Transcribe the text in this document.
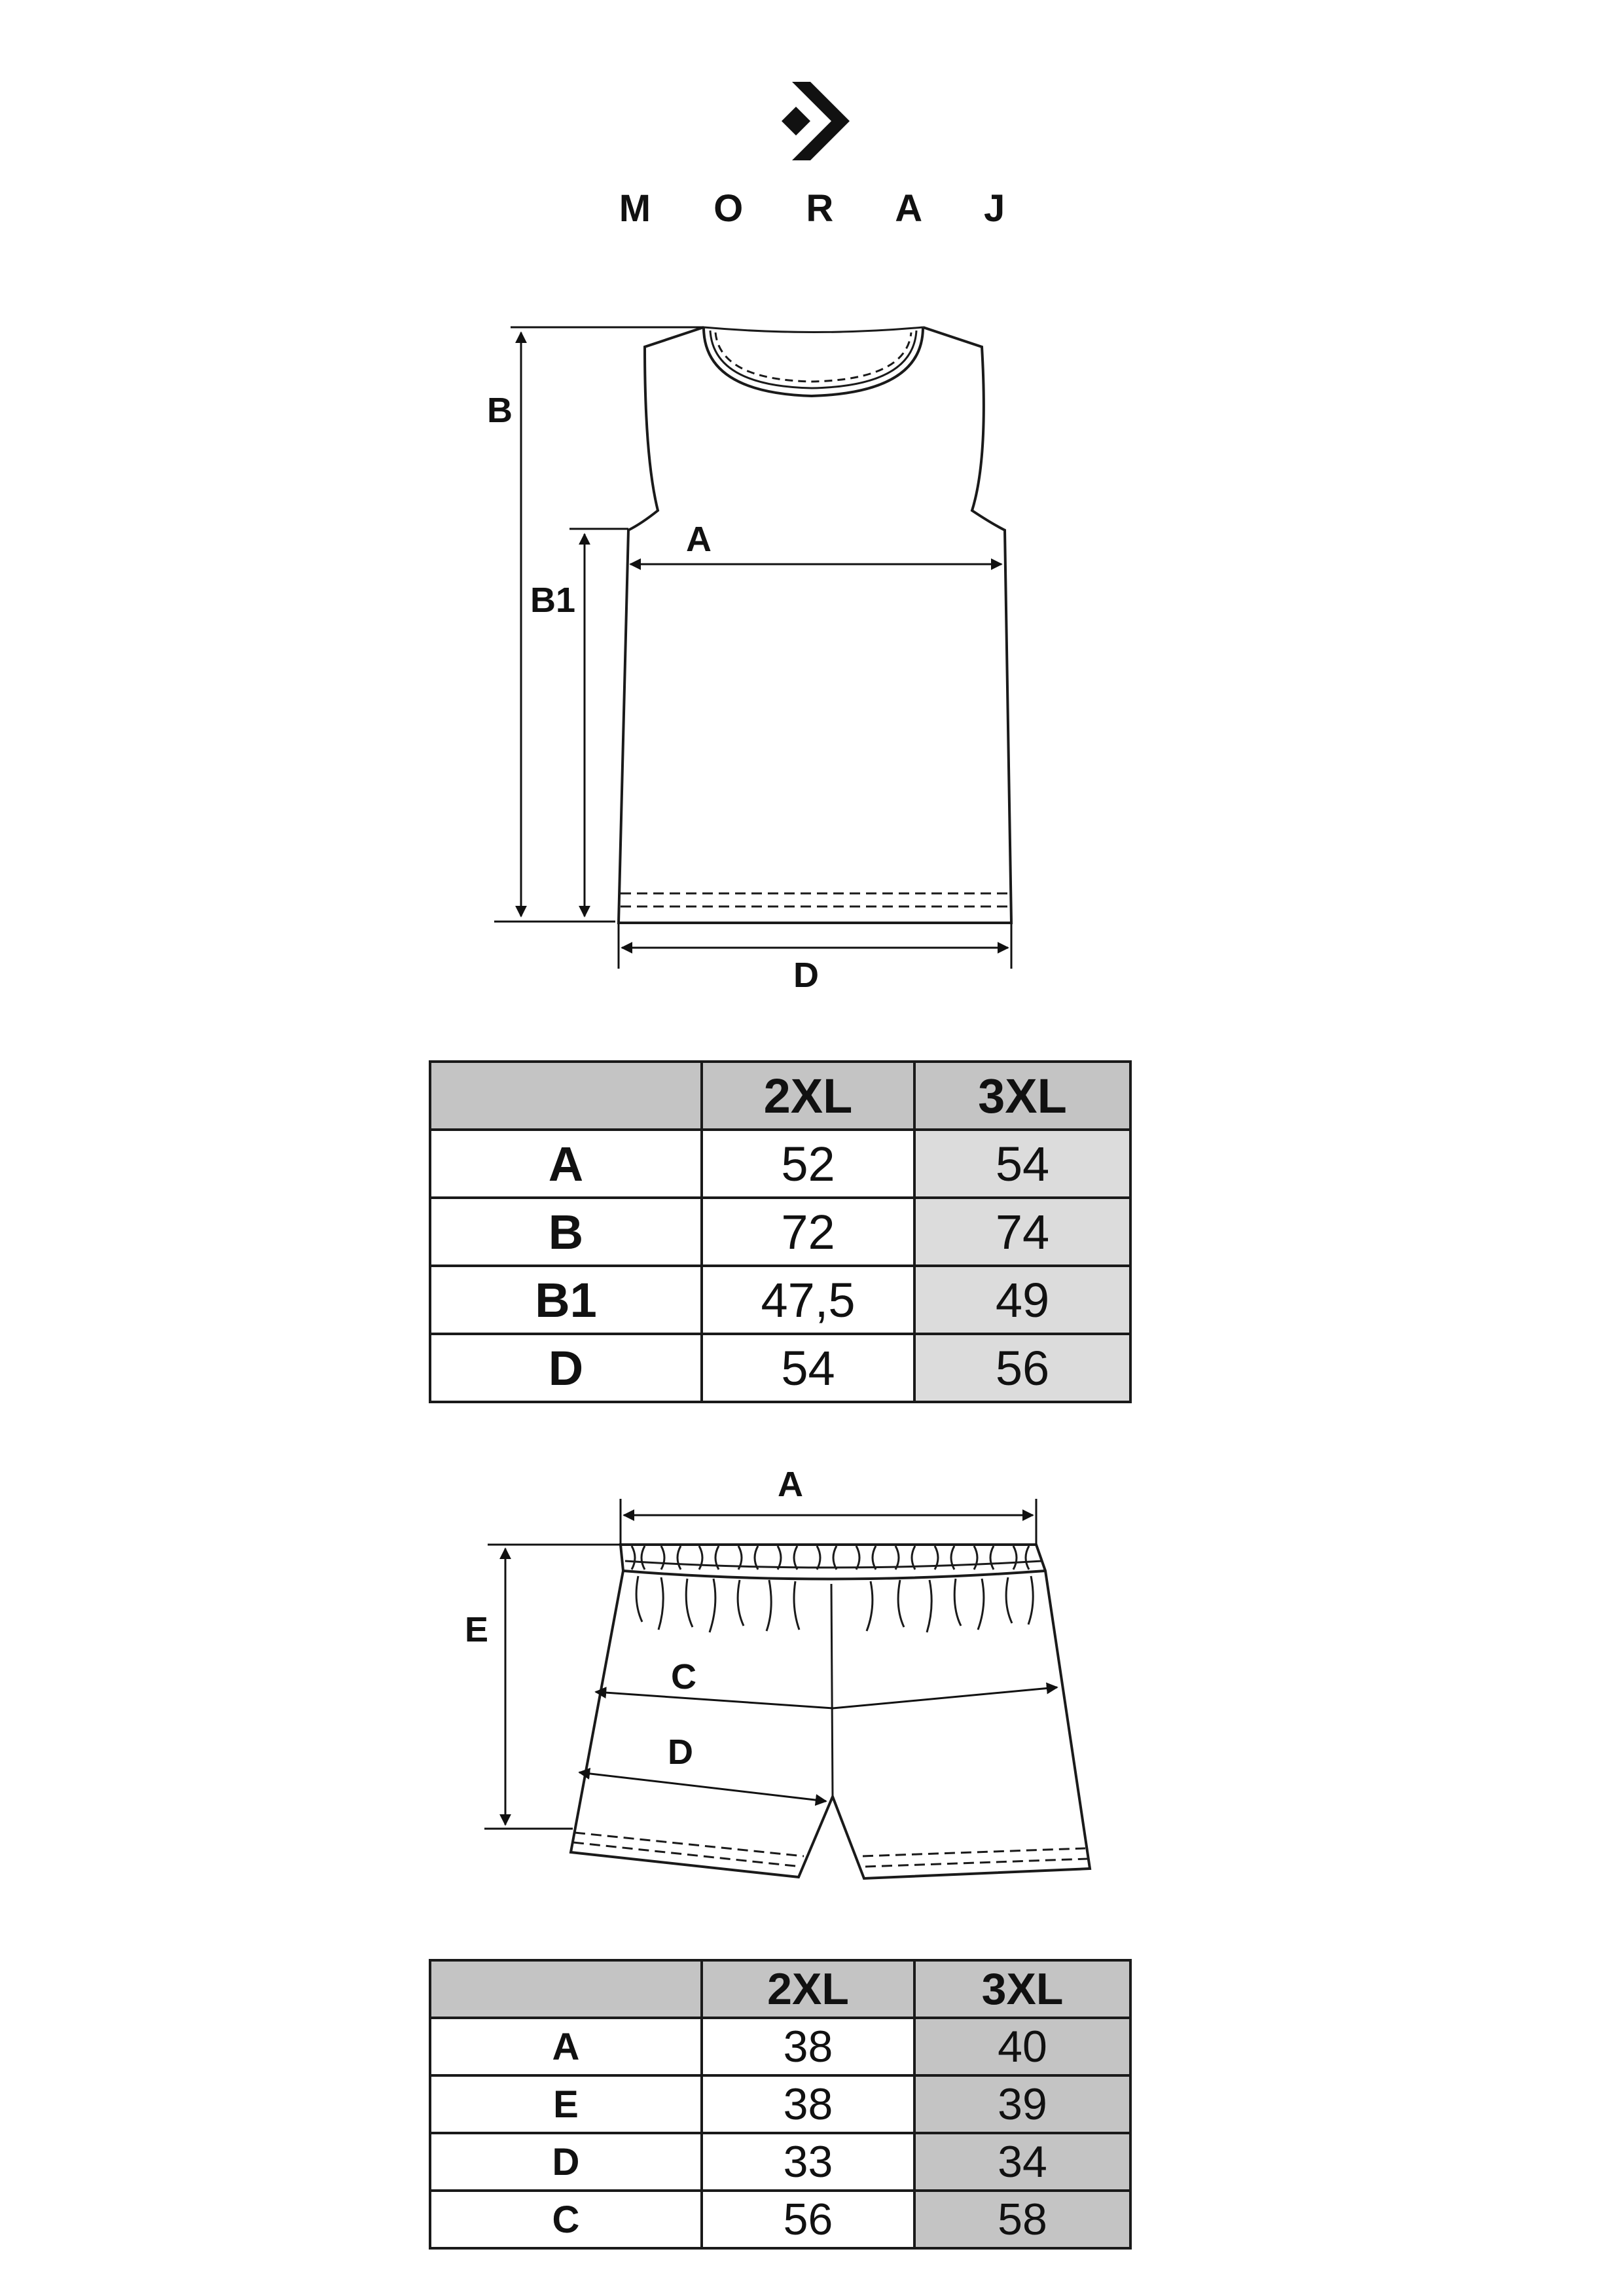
M O R A J
B
B1
A
D
A
E
C
D
	2XL	3XL
A	52	54
B	72	74
B1	47,5	49
D	54	56
	2XL	3XL
A	38	40
E	38	39
D	33	34
C	56	58
